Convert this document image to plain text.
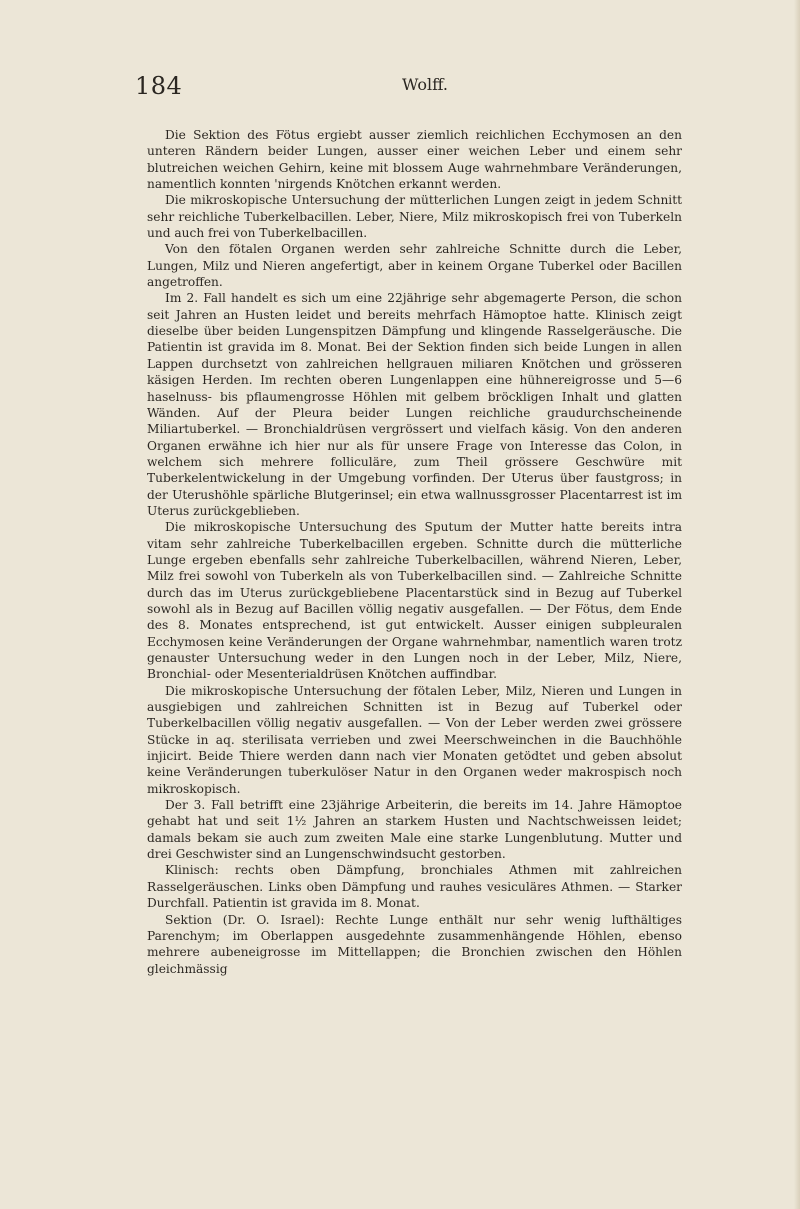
184	Wolff.

Die Sektion des Fötus ergiebt ausser ziemlich reichlichen Ecchymosen an den unteren Rändern beider Lungen, ausser einer weichen Leber und einem sehr blutreichen weichen Gehirn, keine mit blossem Auge wahrnehmbare Veränderungen, namentlich konnten 'nirgends Knötchen erkannt werden.

Die mikroskopische Untersuchung der mütterlichen Lungen zeigt in jedem Schnitt sehr reichliche Tuberkelbacillen. Leber, Niere, Milz mikroskopisch frei von Tuberkeln und auch frei von Tuberkelbacillen.

Von den fötalen Organen werden sehr zahlreiche Schnitte durch die Leber, Lungen, Milz und Nieren angefertigt, aber in keinem Organe Tuberkel oder Bacillen angetroffen.

Im 2. Fall handelt es sich um eine 22jährige sehr abgemagerte Person, die schon seit Jahren an Husten leidet und bereits mehrfach Hämoptoe hatte. Klinisch zeigt dieselbe über beiden Lungenspitzen Dämpfung und klingende Rasselgeräusche. Die Patientin ist gravida im 8. Monat. Bei der Sektion finden sich beide Lungen in allen Lappen durchsetzt von zahlreichen hellgrauen miliaren Knötchen und grösseren käsigen Herden. Im rechten oberen Lungenlappen eine hühnereigrosse und 5—6 haselnuss- bis pflaumengrosse Höhlen mit gelbem bröckligen Inhalt und glatten Wänden. Auf der Pleura beider Lungen reichliche graudurchscheinende Miliartuberkel. — Bronchialdrüsen vergrössert und vielfach käsig. Von den anderen Organen erwähne ich hier nur als für unsere Frage von Interesse das Colon, in welchem sich mehrere folliculäre, zum Theil grössere Geschwüre mit Tuberkelentwickelung in der Umgebung vorfinden. Der Uterus über faustgross; in der Uterushöhle spärliche Blutgerinsel; ein etwa wallnussgrosser Placentarrest ist im Uterus zurückgeblieben.

Die mikroskopische Untersuchung des Sputum der Mutter hatte bereits intra vitam sehr zahlreiche Tuberkelbacillen ergeben. Schnitte durch die mütterliche Lunge ergeben ebenfalls sehr zahlreiche Tuberkelbacillen, während Nieren, Leber, Milz frei sowohl von Tuberkeln als von Tuberkelbacillen sind. — Zahlreiche Schnitte durch das im Uterus zurückgebliebene Placentarstück sind in Bezug auf Tuberkel sowohl als in Bezug auf Bacillen völlig negativ ausgefallen. — Der Fötus, dem Ende des 8. Monates entsprechend, ist gut entwickelt. Ausser einigen subpleuralen Ecchymosen keine Veränderungen der Organe wahrnehmbar, namentlich waren trotz genauster Untersuchung weder in den Lungen noch in der Leber, Milz, Niere, Bronchial- oder Mesenterialdrüsen Knötchen auffindbar.

Die mikroskopische Untersuchung der fötalen Leber, Milz, Nieren und Lungen in ausgiebigen und zahlreichen Schnitten ist in Bezug auf Tuberkel oder Tuberkelbacillen völlig negativ ausgefallen. — Von der Leber werden zwei grössere Stücke in aq. sterilisata verrieben und zwei Meerschweinchen in die Bauchhöhle injicirt. Beide Thiere werden dann nach vier Monaten getödtet und geben absolut keine Veränderungen tuberkulöser Natur in den Organen weder makrospisch noch mikroskopisch.

Der 3. Fall betrifft eine 23jährige Arbeiterin, die bereits im 14. Jahre Hämoptoe gehabt hat und seit 1½ Jahren an starkem Husten und Nachtschweissen leidet; damals bekam sie auch zum zweiten Male eine starke Lungenblutung. Mutter und drei Geschwister sind an Lungenschwindsucht gestorben.

Klinisch: rechts oben Dämpfung, bronchiales Athmen mit zahlreichen Rasselgeräuschen. Links oben Dämpfung und rauhes vesiculäres Athmen. — Starker Durchfall. Patientin ist gravida im 8. Monat.

Sektion (Dr. O. Israel): Rechte Lunge enthält nur sehr wenig lufthältiges Parenchym; im Oberlappen ausgedehnte zusammenhängende Höhlen, ebenso mehrere aubeneigrosse im Mittellappen; die Bronchien zwischen den Höhlen gleichmässig
